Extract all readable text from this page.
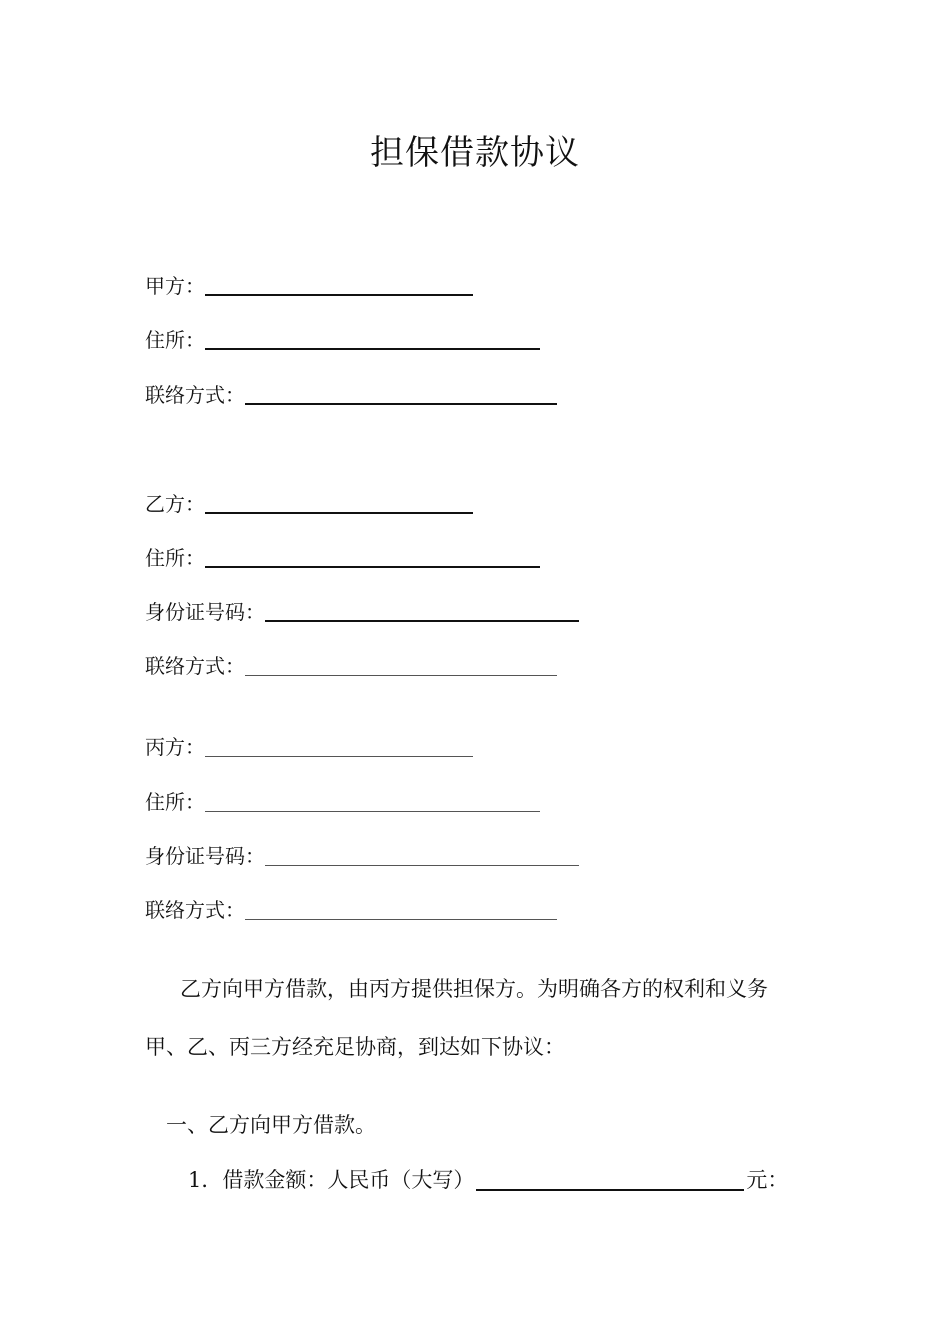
担保借款协议
甲方：
住所：
联络方式：
乙方：
住所：
身份证号码：
联络方式：
丙方：
住所：
身份证号码：
联络方式：
乙方向甲方借款，由丙方提供担保方。为明确各方的权利和义务
甲、乙、丙三方经充足协商，到达如下协议：
一、乙方向甲方借款。
1．借款金额：人民币（大写）	元：
